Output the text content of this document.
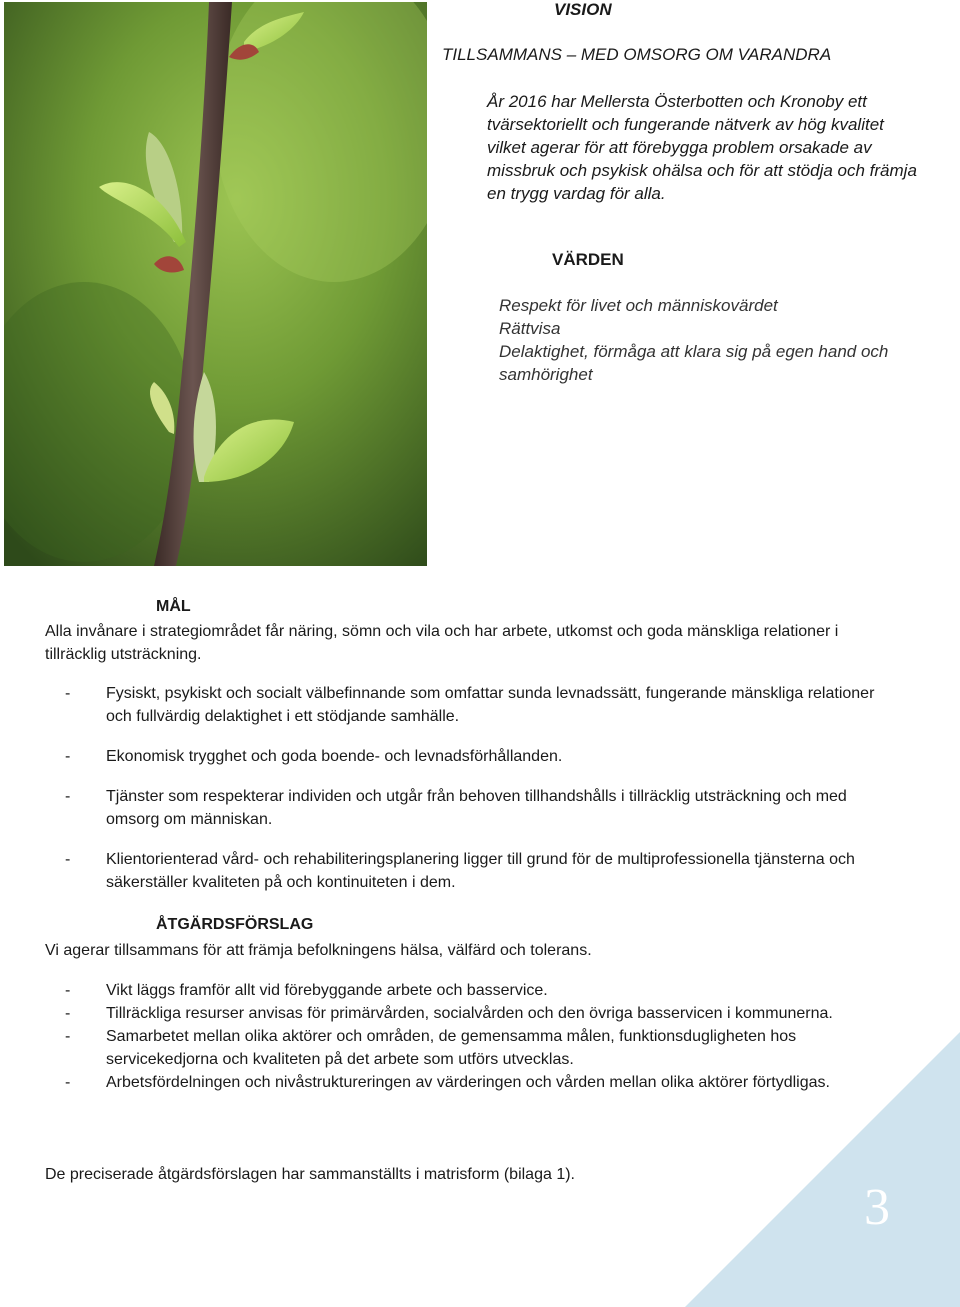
VISION
TILLSAMMANS – MED OMSORG OM VARANDRA
År 2016 har Mellersta Österbotten och Kronoby ett tvärsektoriellt och fungerande nätverk av hög kvalitet vilket agerar för att förebygga problem orsakade av missbruk och psykisk ohälsa och för att stödja och främja en trygg vardag för alla.
VÄRDEN
Respekt för livet och människovärdet
Rättvisa
Delaktighet, förmåga att klara sig på egen hand och samhörighet
MÅL
Alla invånare i strategiområdet får näring, sömn och vila och har arbete, utkomst och goda mänskliga relationer i tillräcklig utsträckning.
- Fysiskt, psykiskt och socialt välbefinnande som omfattar sunda levnadssätt, fungerande mänskliga relationer och fullvärdig delaktighet i ett stödjande samhälle.
- Ekonomisk trygghet och goda boende- och levnadsförhållanden.
- Tjänster som respekterar individen och utgår från behoven tillhandshålls i tillräcklig utsträckning och med omsorg om människan.
- Klientorienterad vård- och rehabiliteringsplanering ligger till grund för de multiprofessionella tjänsterna och säkerställer kvaliteten på och kontinuiteten i dem.
ÅTGÄRDSFÖRSLAG
Vi agerar tillsammans för att främja befolkningens hälsa, välfärd och tolerans.
- Vikt läggs framför allt vid förebyggande arbete och basservice.
- Tillräckliga resurser anvisas för primärvården, socialvården och den övriga basservicen i kommunerna.
- Samarbetet mellan olika aktörer och områden, de gemensamma målen, funktionsdugligheten hos servicekedjorna och kvaliteten på det arbete som utförs utvecklas.
- Arbetsfördelningen och nivåstruktureringen av värderingen och vården mellan olika aktörer förtydligas.
De preciserade åtgärdsförslagen har sammanställts i matrisform (bilaga 1).
3
